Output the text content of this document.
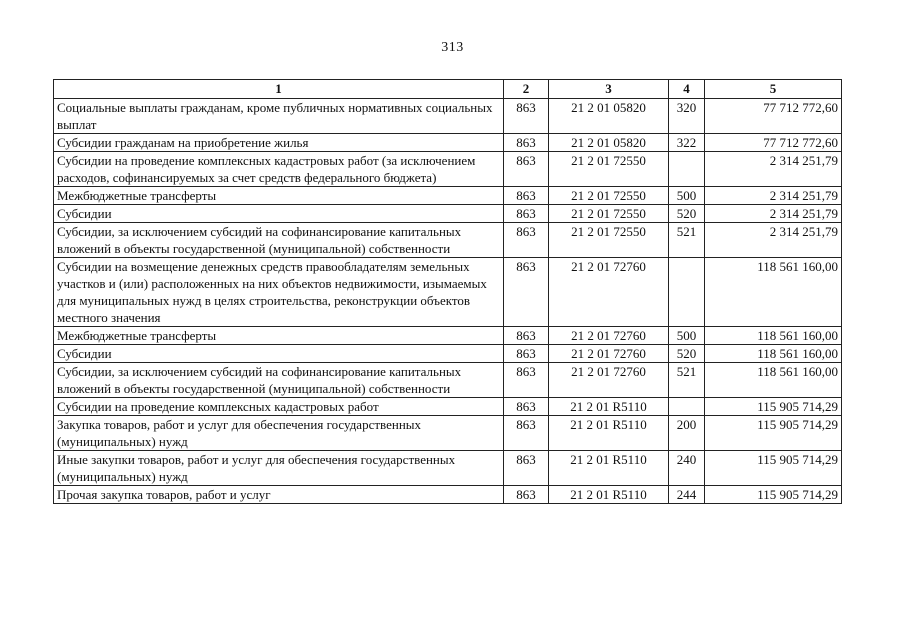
313
1	2	3	4	5
Социальные выплаты гражданам, кроме публичных нормативных социальных выплат	863	21 2 01 05820	320	77 712 772,60
Субсидии гражданам на приобретение жилья	863	21 2 01 05820	322	77 712 772,60
Субсидии на проведение комплексных кадастровых работ (за исключением расходов, софинансируемых за счет средств федерального бюджета)	863	21 2 01 72550		2 314 251,79
Межбюджетные трансферты	863	21 2 01 72550	500	2 314 251,79
Субсидии	863	21 2 01 72550	520	2 314 251,79
Субсидии, за исключением субсидий на софинансирование капитальных вложений в объекты государственной (муниципальной) собственности	863	21 2 01 72550	521	2 314 251,79
Субсидии на возмещение денежных средств правообладателям земельных участков и (или) расположенных на них объектов недвижимости, изымаемых для муниципальных нужд в целях строительства, реконструкции объектов местного значения	863	21 2 01 72760		118 561 160,00
Межбюджетные трансферты	863	21 2 01 72760	500	118 561 160,00
Субсидии	863	21 2 01 72760	520	118 561 160,00
Субсидии, за исключением субсидий на софинансирование капитальных вложений в объекты государственной (муниципальной) собственности	863	21 2 01 72760	521	118 561 160,00
Субсидии на проведение комплексных кадастровых работ	863	21 2 01 R5110		115 905 714,29
Закупка товаров, работ и услуг для обеспечения государственных (муниципальных) нужд	863	21 2 01 R5110	200	115 905 714,29
Иные закупки товаров, работ и услуг для обеспечения государственных (муниципальных) нужд	863	21 2 01 R5110	240	115 905 714,29
Прочая закупка товаров, работ и услуг	863	21 2 01 R5110	244	115 905 714,29
